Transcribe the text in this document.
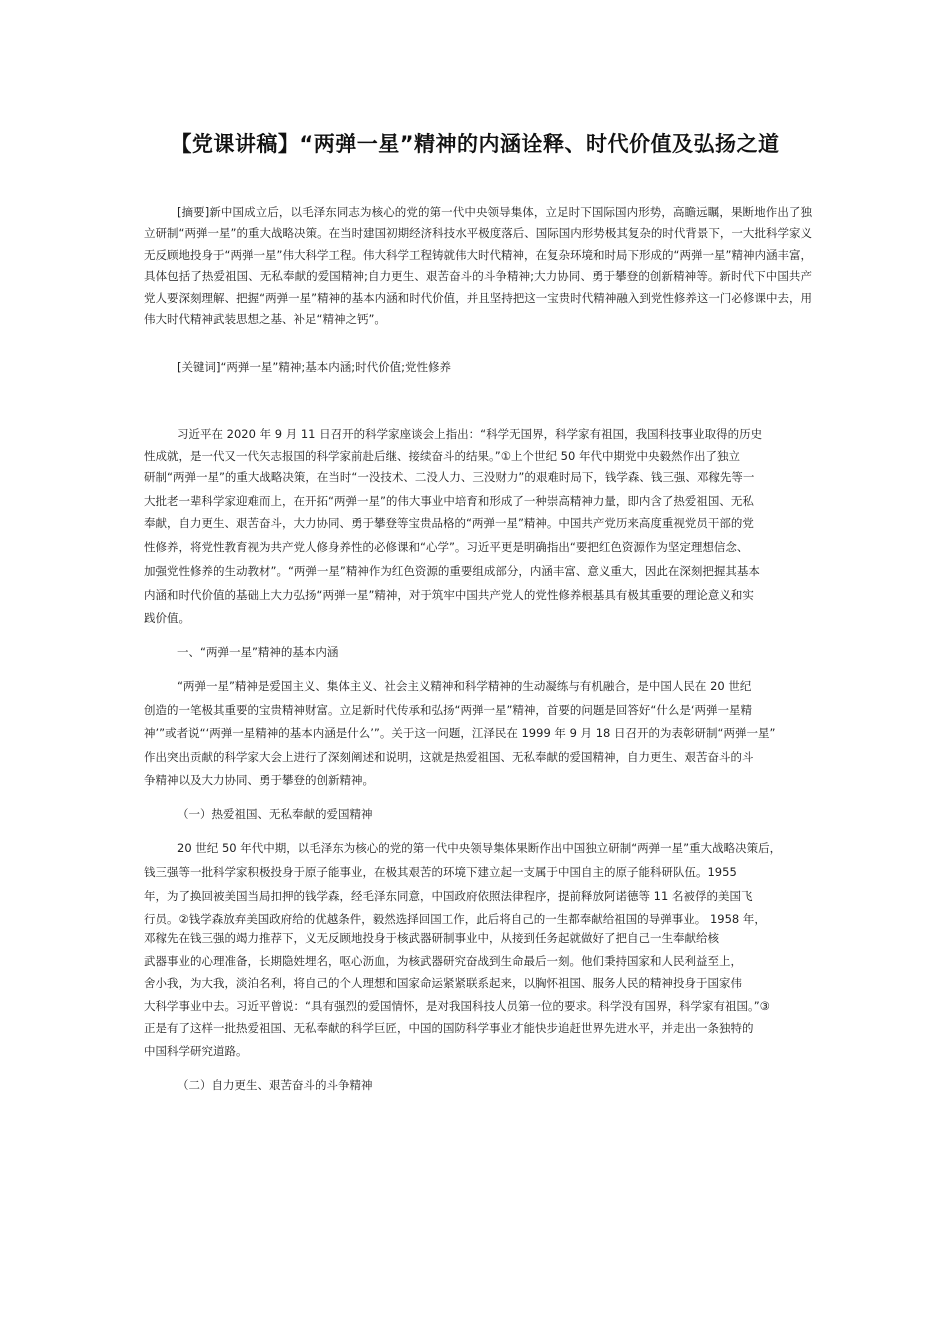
【党课讲稿】“两弹一星”精神的内涵诠释、时代价值及弘扬之道

[摘要]新中国成立后，以毛泽东同志为核心的党的第一代中央领导集体，立足时下国际国内形势，高瞻远瞩，果断地作出了独立研制“两弹一星”的重大战略决策。在当时建国初期经济科技水平极度落后、国际国内形势极其复杂的时代背景下，一大批科学家义无反顾地投身于“两弹一星”伟大科学工程。伟大科学工程铸就伟大时代精神，在复杂环境和时局下形成的“两弹一星”精神内涵丰富，具体包括了热爱祖国、无私奉献的爱国精神;自力更生、艰苦奋斗的斗争精神;大力协同、勇于攀登的创新精神等。新时代下中国共产党人要深刻理解、把握“两弹一星”精神的基本内涵和时代价值，并且坚持把这一宝贵时代精神融入到党性修养这一门必修课中去，用伟大时代精神武装思想之基、补足“精神之钙”。

[关键词]“两弹一星”精神;基本内涵;时代价值;党性修养

习近平在 2020 年 9 月 11 日召开的科学家座谈会上指出：“科学无国界，科学家有祖国，我国科技事业取得的历史
性成就，是一代又一代矢志报国的科学家前赴后继、接续奋斗的结果。”①上个世纪 50 年代中期党中央毅然作出了独立
研制“两弹一星”的重大战略决策，在当时“一没技术、二没人力、三没财力”的艰难时局下，钱学森、钱三强、邓稼先等一
大批老一辈科学家迎难而上，在开拓“两弹一星”的伟大事业中培育和形成了一种崇高精神力量，即内含了热爱祖国、无私
奉献，自力更生、艰苦奋斗，大力协同、勇于攀登等宝贵品格的“两弹一星”精神。中国共产党历来高度重视党员干部的党
性修养，将党性教育视为共产党人修身养性的必修课和“心学”。习近平更是明确指出“要把红色资源作为坚定理想信念、
加强党性修养的生动教材”。“两弹一星”精神作为红色资源的重要组成部分，内涵丰富、意义重大，因此在深刻把握其基本
内涵和时代价值的基础上大力弘扬“两弹一星”精神，对于筑牢中国共产党人的党性修养根基具有极其重要的理论意义和实
践价值。
一、“两弹一星”精神的基本内涵
“两弹一星”精神是爱国主义、集体主义、社会主义精神和科学精神的生动凝练与有机融合，是中国人民在 20 世纪
创造的一笔极其重要的宝贵精神财富。立足新时代传承和弘扬“两弹一星”精神，首要的问题是回答好“什么是‘两弹一星精
神’”或者说“‘两弹一星精神的基本内涵是什么’”。关于这一问题，江泽民在 1999 年 9 月 18 日召开的为表彰研制“两弹一星”
作出突出贡献的科学家大会上进行了深刻阐述和说明，这就是热爱祖国、无私奉献的爱国精神，自力更生、艰苦奋斗的斗
争精神以及大力协同、勇于攀登的创新精神。
（一）热爱祖国、无私奉献的爱国精神
20 世纪 50 年代中期，以毛泽东为核心的党的第一代中央领导集体果断作出中国独立研制“两弹一星”重大战略决策后，
钱三强等一批科学家积极投身于原子能事业，在极其艰苦的环境下建立起一支属于中国自主的原子能科研队伍。1955
年，为了换回被美国当局扣押的钱学森，经毛泽东同意，中国政府依照法律程序，提前释放阿诺德等 11 名被俘的美国飞
行员。②钱学森放弃美国政府给的优越条件，毅然选择回国工作，此后将自己的一生都奉献给祖国的导弹事业。 1958 年，
邓稼先在钱三强的竭力推荐下，义无反顾地投身于核武器研制事业中，从接到任务起就做好了把自己一生奉献给核
武器事业的心理准备，长期隐姓埋名，呕心沥血，为核武器研究奋战到生命最后一刻。他们秉持国家和人民利益至上，
舍小我，为大我，淡泊名利，将自己的个人理想和国家命运紧紧联系起来，以胸怀祖国、服务人民的精神投身于国家伟
大科学事业中去。习近平曾说：“具有强烈的爱国情怀，是对我国科技人员第一位的要求。科学没有国界，科学家有祖国。”③
正是有了这样一批热爱祖国、无私奉献的科学巨匠，中国的国防科学事业才能快步追赶世界先进水平，并走出一条独特的
中国科学研究道路。
（二）自力更生、艰苦奋斗的斗争精神
